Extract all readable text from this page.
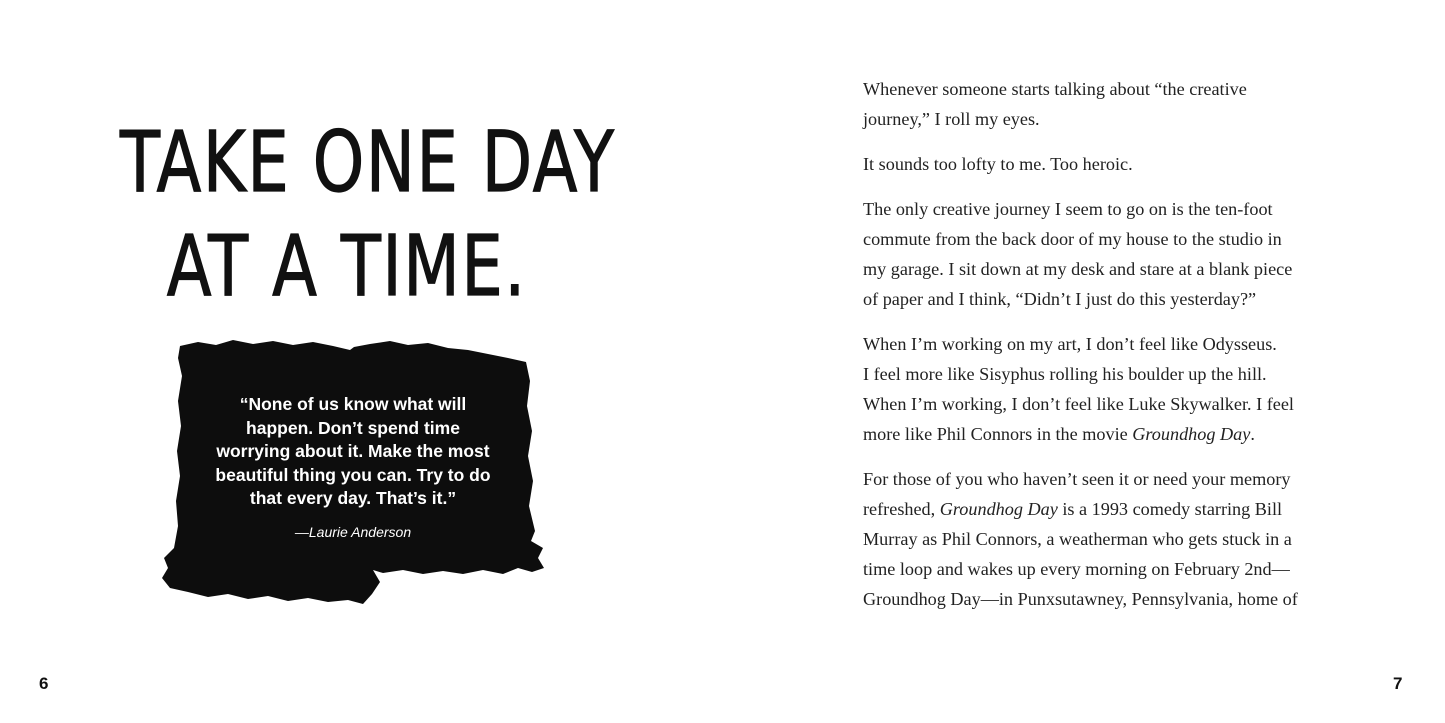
TAKE ONE DAY
AT A TIME.

“None of us know what will
happen. Don’t spend time
worrying about it. Make the most
beautiful thing you can. Try to do
that every day. That’s it.”

—Laurie Anderson
6

Whenever someone starts talking about “the creative
journey,” I roll my eyes.

It sounds too lofty to me. Too heroic.

The only creative journey I seem to go on is the ten-foot
commute from the back door of my house to the studio in
my garage. I sit down at my desk and stare at a blank piece
of paper and I think, “Didn’t I just do this yesterday?”

When I’m working on my art, I don’t feel like Odysseus.
I feel more like Sisyphus rolling his boulder up the hill.
When I’m working, I don’t feel like Luke Skywalker. I feel
more like Phil Connors in the movie Groundhog Day.

For those of you who haven’t seen it or need your memory
refreshed, Groundhog Day is a 1993 comedy starring Bill
Murray as Phil Connors, a weatherman who gets stuck in a
time loop and wakes up every morning on February 2nd—
Groundhog Day—in Punxsutawney, Pennsylvania, home of

7
